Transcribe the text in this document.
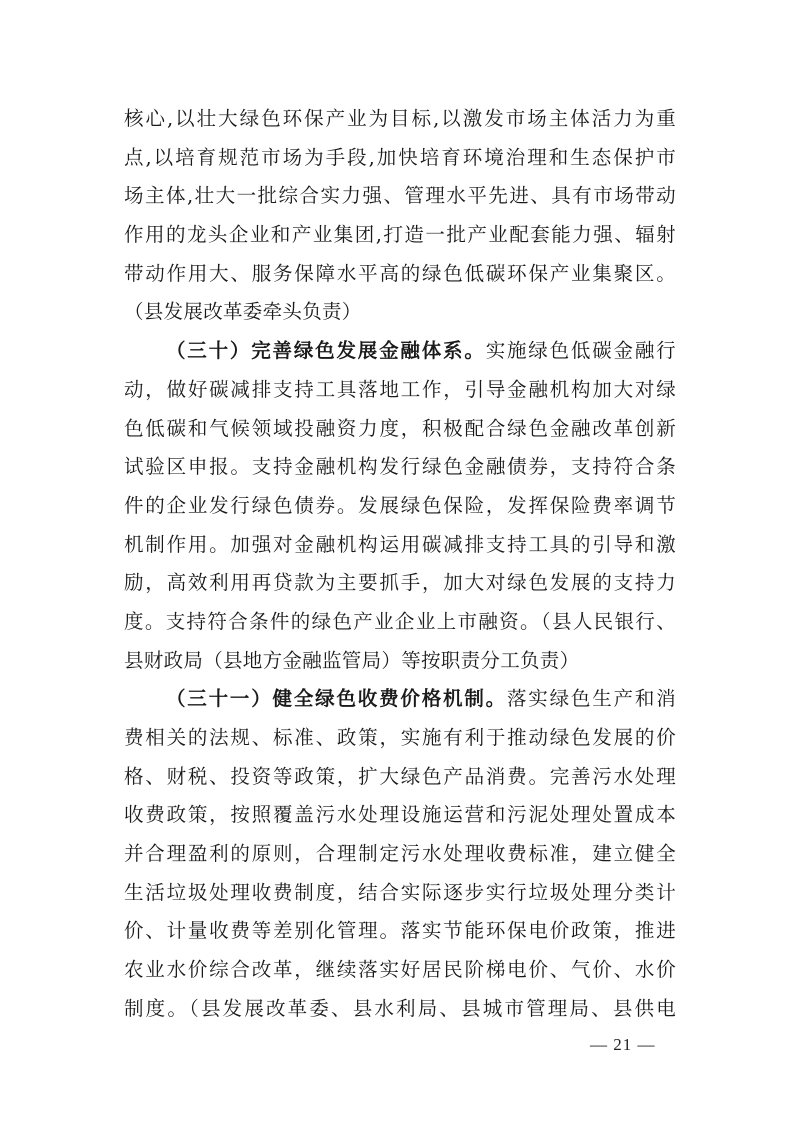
核心,以壮大绿色环保产业为目标,以激发市场主体活力为重
点,以培育规范市场为手段,加快培育环境治理和生态保护市
场主体,壮大一批综合实力强、管理水平先进、具有市场带动
作用的龙头企业和产业集团,打造一批产业配套能力强、辐射
带动作用大、服务保障水平高的绿色低碳环保产业集聚区。
（县发展改革委牵头负责）
（三十）完善绿色发展金融体系。实施绿色低碳金融行
动，做好碳减排支持工具落地工作，引导金融机构加大对绿
色低碳和气候领域投融资力度，积极配合绿色金融改革创新
试验区申报。支持金融机构发行绿色金融债券，支持符合条
件的企业发行绿色债券。发展绿色保险，发挥保险费率调节
机制作用。加强对金融机构运用碳减排支持工具的引导和激
励，高效利用再贷款为主要抓手，加大对绿色发展的支持力
度。支持符合条件的绿色产业企业上市融资。（县人民银行、
县财政局（县地方金融监管局）等按职责分工负责）
（三十一）健全绿色收费价格机制。落实绿色生产和消
费相关的法规、标准、政策，实施有利于推动绿色发展的价
格、财税、投资等政策，扩大绿色产品消费。完善污水处理
收费政策，按照覆盖污水处理设施运营和污泥处理处置成本
并合理盈利的原则，合理制定污水处理收费标准，建立健全
生活垃圾处理收费制度，结合实际逐步实行垃圾处理分类计
价、计量收费等差别化管理。落实节能环保电价政策，推进
农业水价综合改革，继续落实好居民阶梯电价、气价、水价
制度。（县发展改革委、县水利局、县城市管理局、县供电
— 21 —
